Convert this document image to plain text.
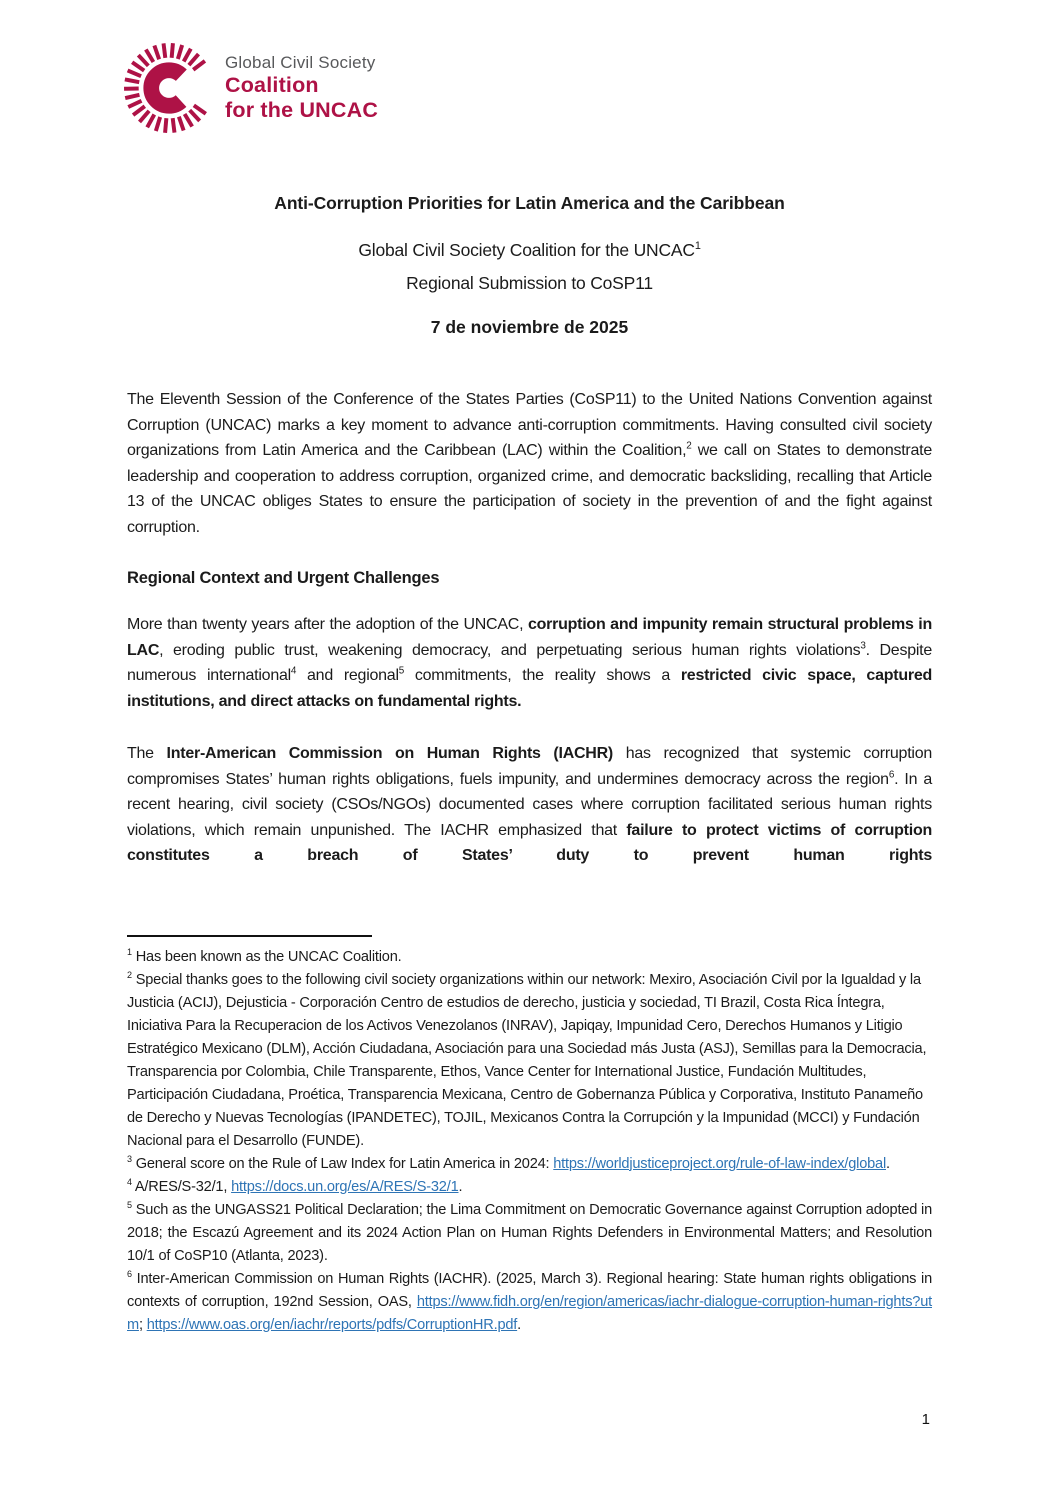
Global Civil Society
Coalition
for the UNCAC
Anti-Corruption Priorities for Latin America and the Caribbean

Global Civil Society Coalition for the UNCAC$^1$

Regional Submission to CoSP11

7 de noviembre de 2025

The Eleventh Session of the Conference of the States Parties (CoSP11) to the United Nations Convention against Corruption (UNCAC) marks a key moment to advance anti-corruption commitments. Having consulted civil society organizations from Latin America and the Caribbean (LAC) within the Coalition,$^2$ we call on States to demonstrate leadership and cooperation to address corruption, organized crime, and democratic backsliding, recalling that Article 13 of the UNCAC obliges States to ensure the participation of society in the prevention of and the fight against corruption.

Regional Context and Urgent Challenges

More than twenty years after the adoption of the UNCAC, corruption and impunity remain structural problems in LAC, eroding public trust, weakening democracy, and perpetuating serious human rights violations$^3$. Despite numerous international$^4$ and regional$^5$ commitments, the reality shows a restricted civic space, captured institutions, and direct attacks on fundamental rights.

The Inter-American Commission on Human Rights (IACHR) has recognized that systemic corruption compromises States’ human rights obligations, fuels impunity, and undermines democracy across the region$^6$. In a recent hearing, civil society (CSOs/NGOs) documented cases where corruption facilitated serious human rights violations, which remain unpunished. The IACHR emphasized that failure to protect victims of corruption constitutes a breach of States’ duty to prevent human rights

$^1$ Has been known as the UNCAC Coalition.

$^2$ Special thanks goes to the following civil society organizations within our network: Mexiro, Asociación Civil por la Igualdad y la Justicia (ACIJ), Dejusticia - Corporación Centro de estudios de derecho, justicia y sociedad, TI Brazil, Costa Rica Íntegra, Iniciativa Para la Recuperacion de los Activos Venezolanos (INRAV), Japiqay, Impunidad Cero, Derechos Humanos y Litigio Estratégico Mexicano (DLM), Acción Ciudadana, Asociación para una Sociedad más Justa (ASJ), Semillas para la Democracia, Transparencia por Colombia, Chile Transparente, Ethos, Vance Center for International Justice, Fundación Multitudes, Participación Ciudadana, Proética, Transparencia Mexicana, Centro de Gobernanza Pública y Corporativa, Instituto Panameño de Derecho y Nuevas Tecnologías (IPANDETEC), TOJIL, Mexicanos Contra la Corrupción y la Impunidad (MCCI) y Fundación Nacional para el Desarrollo (FUNDE).

$^3$ General score on the Rule of Law Index for Latin America in 2024: https://worldjusticeproject.org/rule-of-law-index/global.

$^4$ A/RES/S-32/1, https://docs.un.org/es/A/RES/S-32/1.

$^5$ Such as the UNGASS21 Political Declaration; the Lima Commitment on Democratic Governance against Corruption adopted in 2018; the Escazú Agreement and its 2024 Action Plan on Human Rights Defenders in Environmental Matters; and Resolution 10/1 of CoSP10 (Atlanta, 2023).

$^6$ Inter-American Commission on Human Rights (IACHR). (2025, March 3). Regional hearing: State human rights obligations in contexts of corruption, 192nd Session, OAS, https://www.fidh.org/en/region/americas/iachr-dialogue-corruption-human-rights?utm; https://www.oas.org/en/iachr/reports/pdfs/CorruptionHR.pdf.

1
